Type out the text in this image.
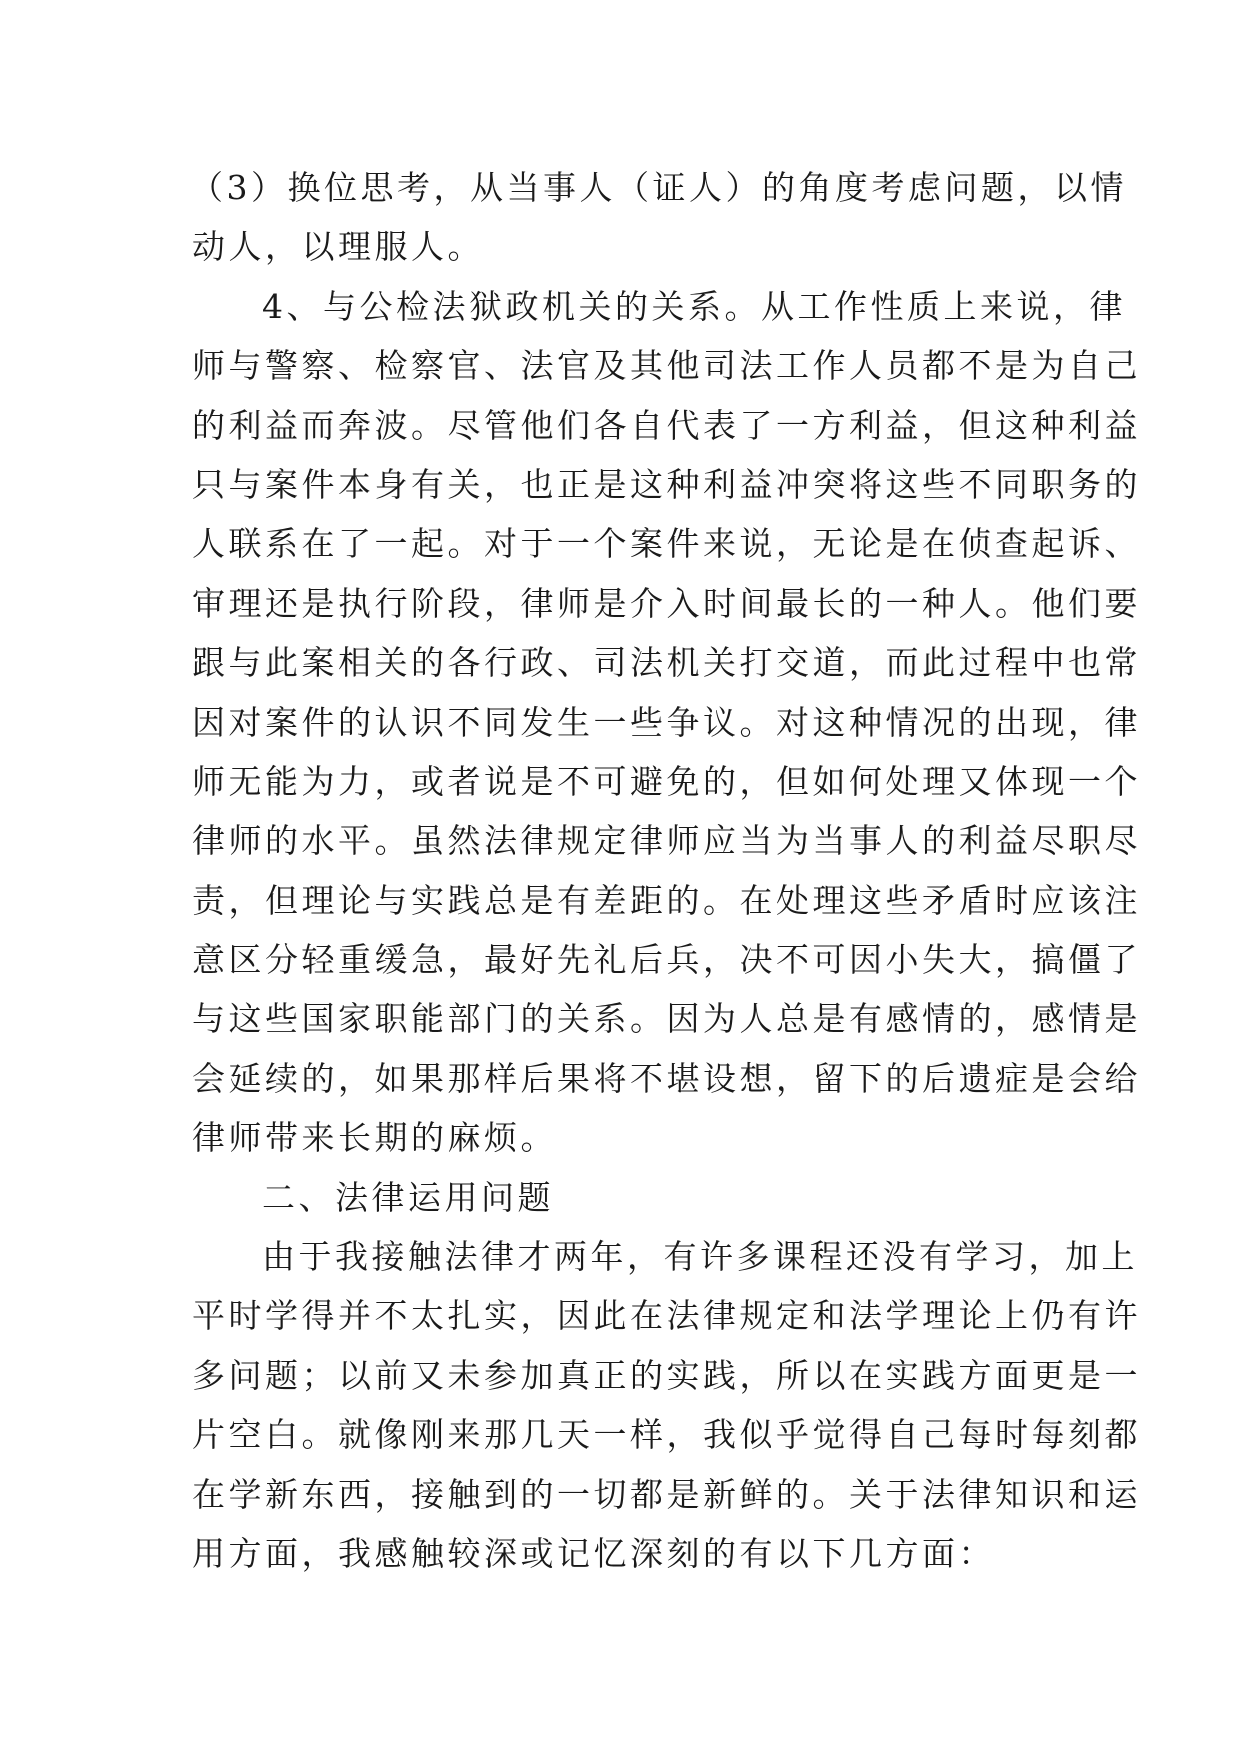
（3）换位思考，从当事人（证人）的角度考虑问题，以情
动人，以理服人。
4、与公检法狱政机关的关系。从工作性质上来说，律
师与警察、检察官、法官及其他司法工作人员都不是为自己
的利益而奔波。尽管他们各自代表了一方利益，但这种利益
只与案件本身有关，也正是这种利益冲突将这些不同职务的
人联系在了一起。对于一个案件来说，无论是在侦查起诉、
审理还是执行阶段，律师是介入时间最长的一种人。他们要
跟与此案相关的各行政、司法机关打交道，而此过程中也常
因对案件的认识不同发生一些争议。对这种情况的出现，律
师无能为力，或者说是不可避免的，但如何处理又体现一个
律师的水平。虽然法律规定律师应当为当事人的利益尽职尽
责，但理论与实践总是有差距的。在处理这些矛盾时应该注
意区分轻重缓急，最好先礼后兵，决不可因小失大，搞僵了
与这些国家职能部门的关系。因为人总是有感情的，感情是
会延续的，如果那样后果将不堪设想，留下的后遗症是会给
律师带来长期的麻烦。
二、法律运用问题
由于我接触法律才两年，有许多课程还没有学习，加上
平时学得并不太扎实，因此在法律规定和法学理论上仍有许
多问题；以前又未参加真正的实践，所以在实践方面更是一
片空白。就像刚来那几天一样，我似乎觉得自己每时每刻都
在学新东西，接触到的一切都是新鲜的。关于法律知识和运
用方面，我感触较深或记忆深刻的有以下几方面：
